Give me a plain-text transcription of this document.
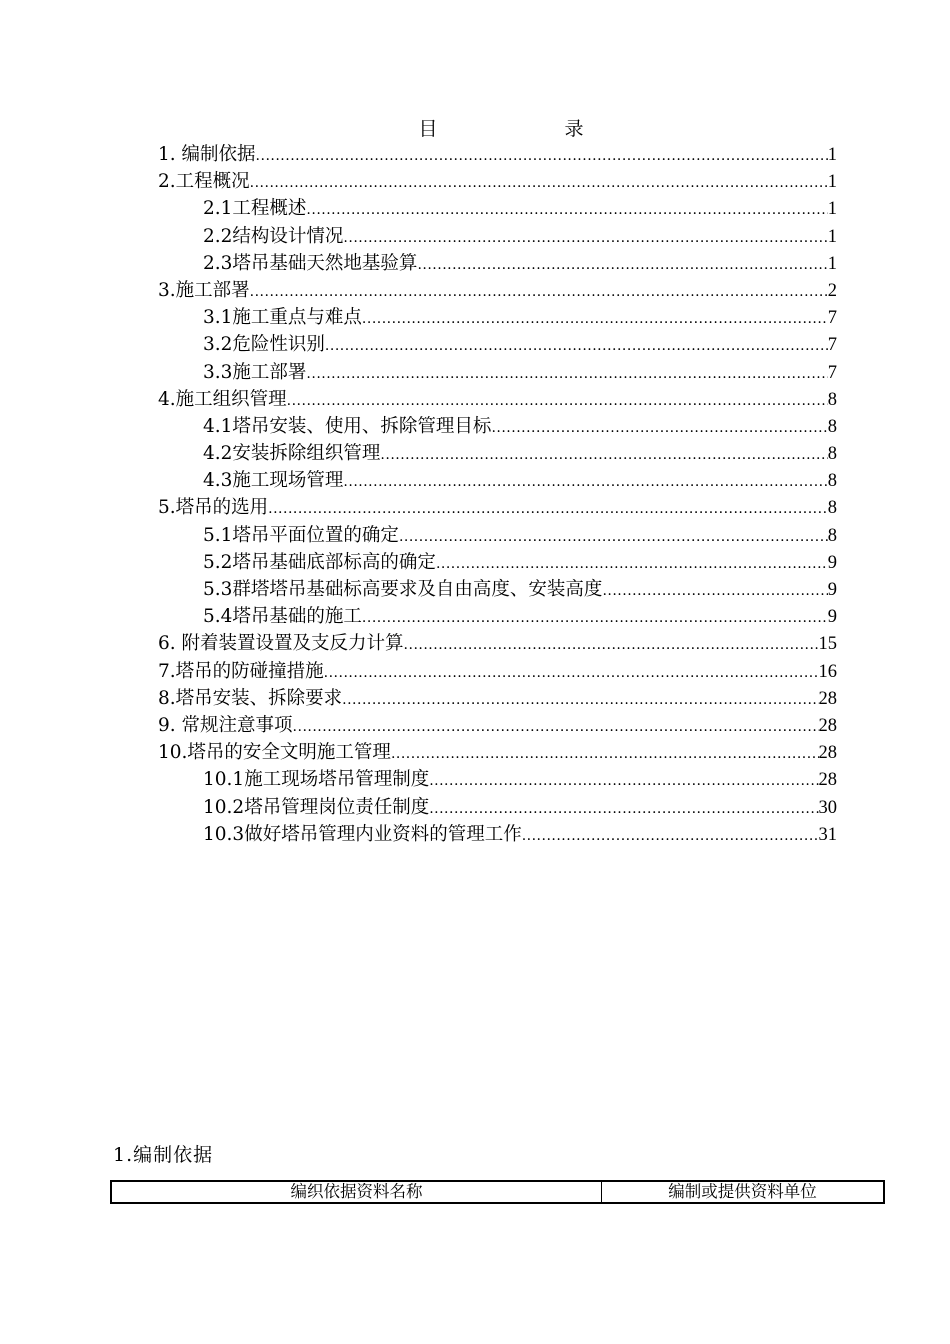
目　录
1. 编制依据 .....	1
2.工程概况 .....	1
2.1工程概述 .....	1
2.2结构设计情况 .....	1
2.3塔吊基础天然地基验算 .....	1
3.施工部署 .....	2
3.1施工重点与难点 .....	7
3.2危险性识别 .....	7
3.3施工部署 .....	7
4.施工组织管理 .....	8
4.1塔吊安装、使用、拆除管理目标 .....	8
4.2安装拆除组织管理 .....	8
4.3施工现场管理 .....	8
5.塔吊的选用 .....	8
5.1塔吊平面位置的确定 .....	8
5.2塔吊基础底部标高的确定 .....	9
5.3群塔塔吊基础标高要求及自由高度、安装高度 .....	9
5.4塔吊基础的施工 .....	9
6. 附着装置设置及支反力计算 .....	15
7.塔吊的防碰撞措施 .....	16
8.塔吊安装、拆除要求 .....	28
9. 常规注意事项 .....	28
10.塔吊的安全文明施工管理 .....	28
10.1施工现场塔吊管理制度 .....	28
10.2塔吊管理岗位责任制度 .....	30
10.3做好塔吊管理内业资料的管理工作 .....	31
1.编制依据
编织依据资料名称	编制或提供资料单位
